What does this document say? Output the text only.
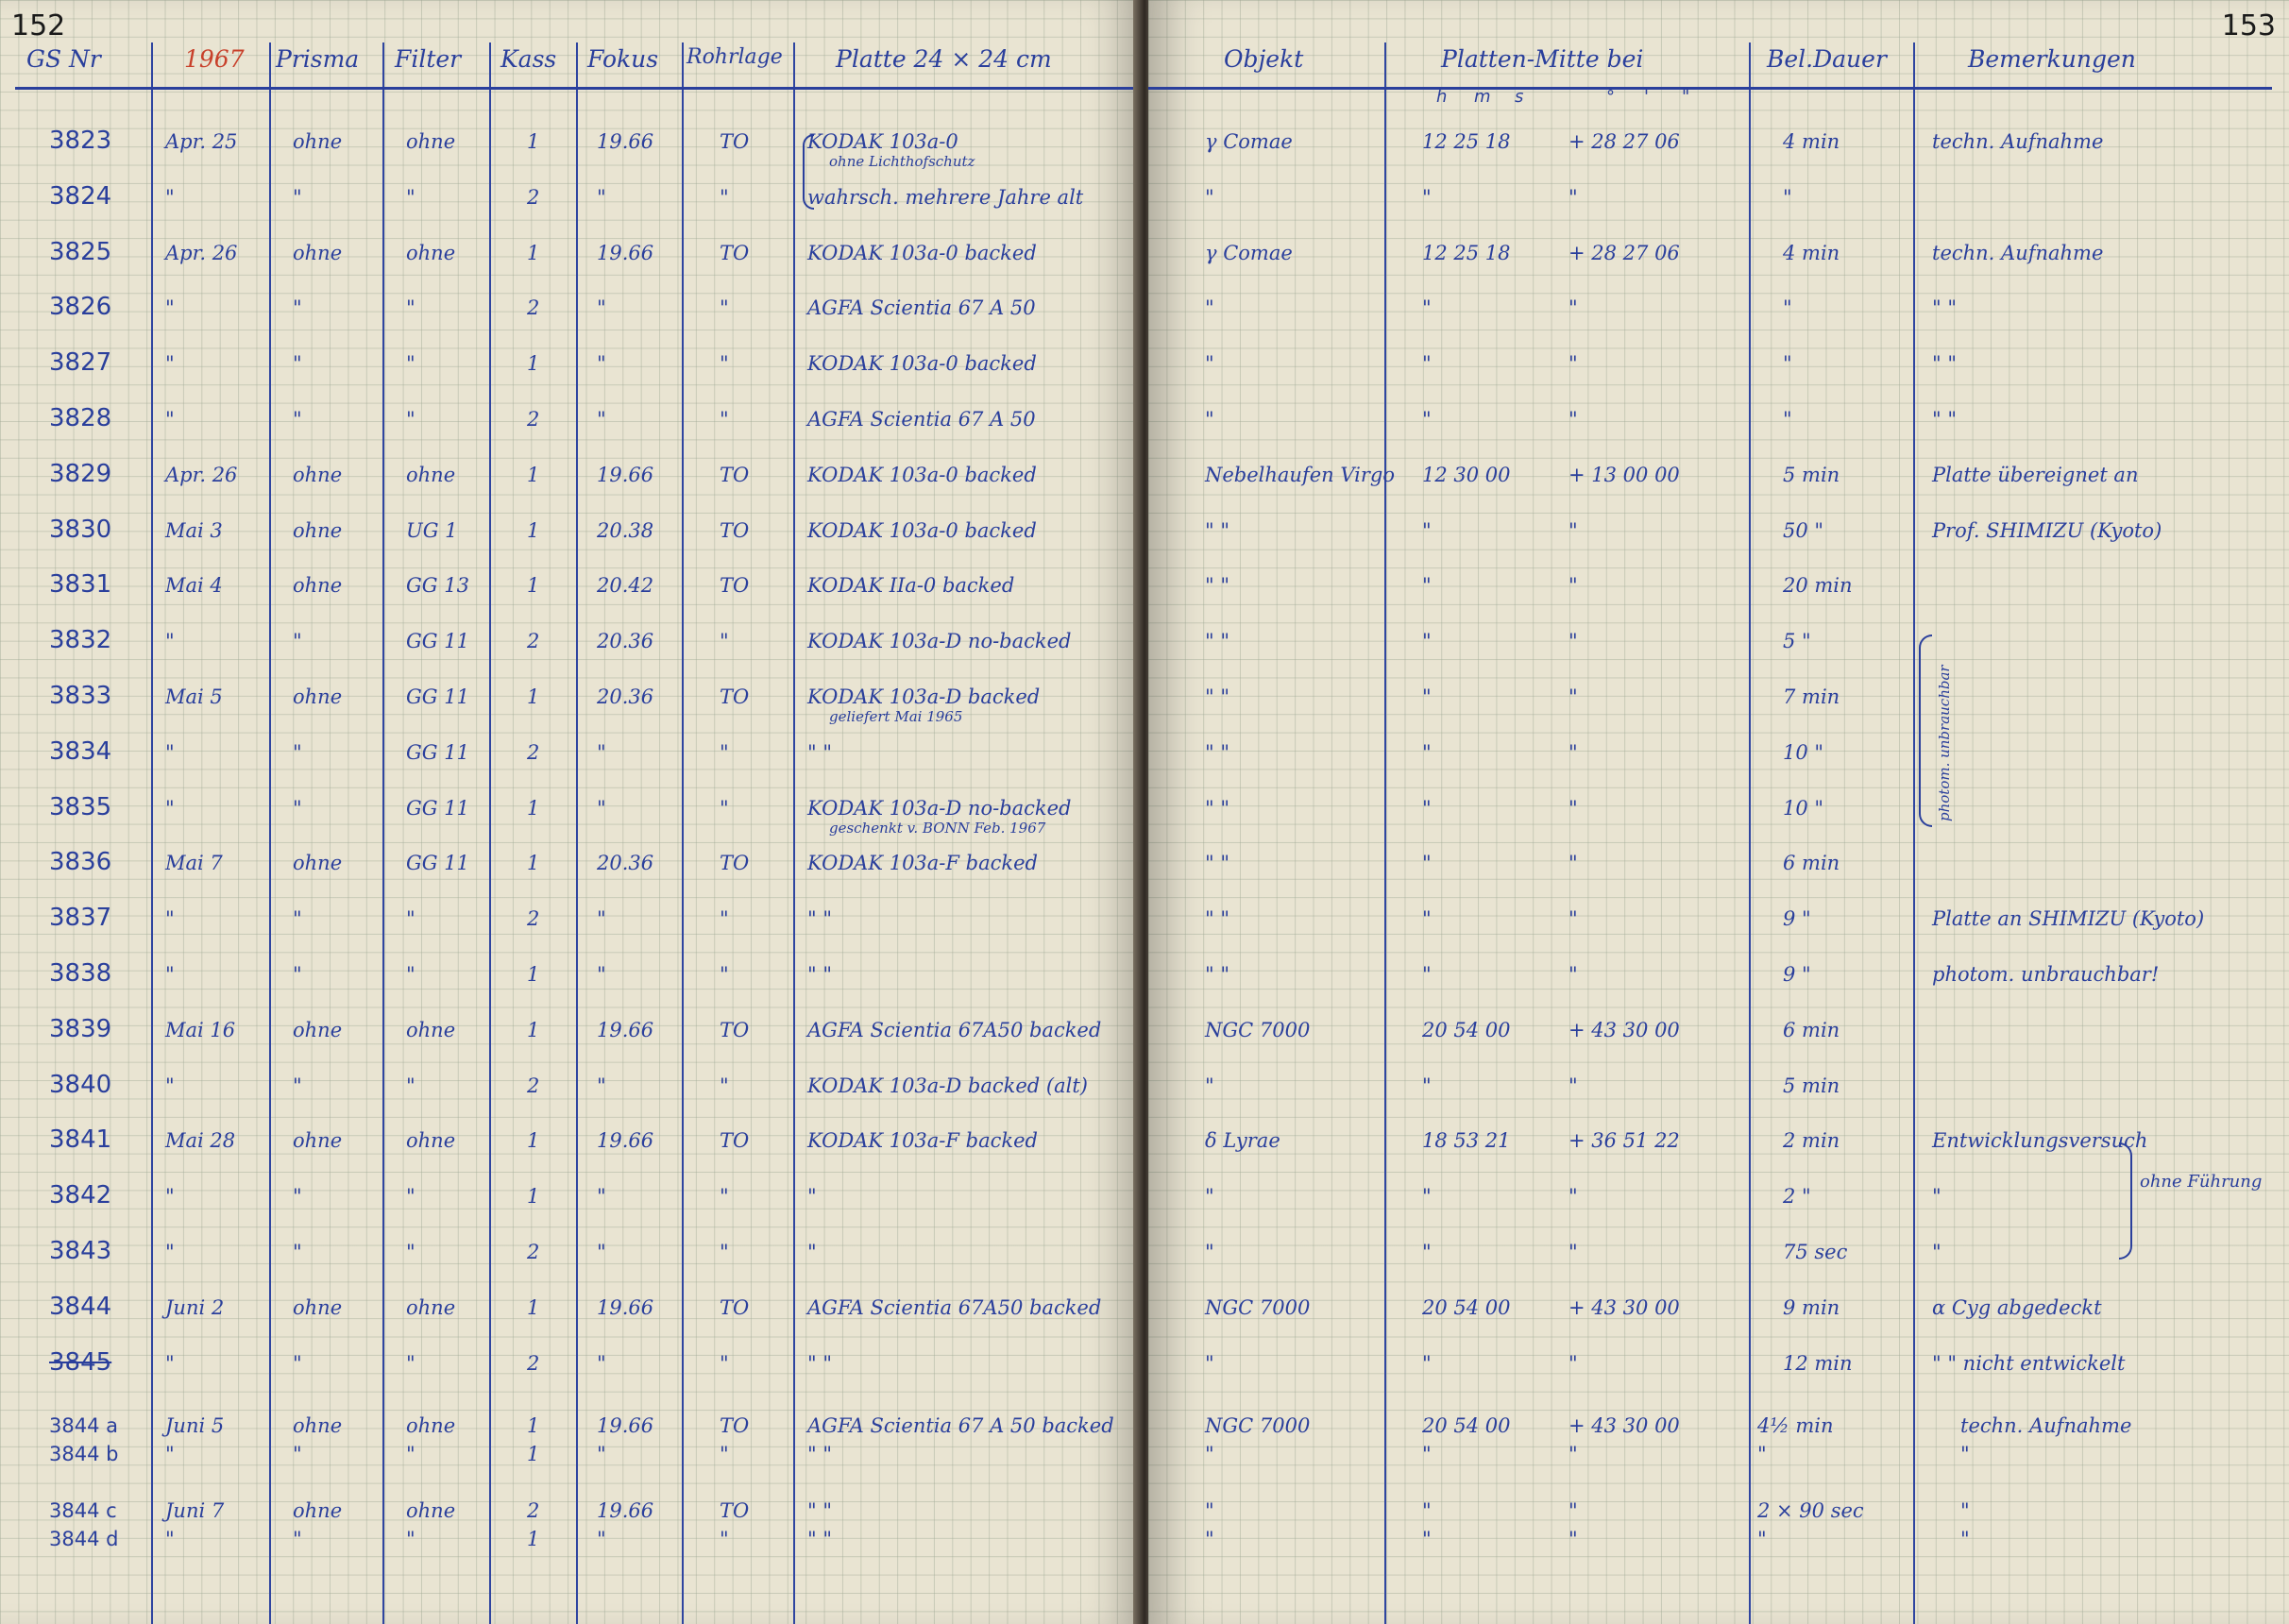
152
GS Nr	1967 Prisma Filter Kass Fokus Rohrlage Platte 24 × 24 cm
3823	Apr. 25	ohne	ohne	1	19.66	TO	KODAK 103a-0
ohne Lichthofschutz
3824	"	"	"	2	"	"	wahrsch. mehrere Jahre alt
3825	Apr. 26	ohne	ohne	1	19.66	TO	KODAK 103a-0 backed
3826	"	"	"	2	"	"	AGFA Scientia 67 A 50
3827	"	"	"	1	"	"	KODAK 103a-0 backed
3828	"	"	"	2	"	"	AGFA Scientia 67 A 50
3829	Apr. 26	ohne	ohne	1	19.66	TO	KODAK 103a-0 backed
3830	Mai 3	ohne	UG 1	1	20.38	TO	KODAK 103a-0 backed
3831	Mai 4	ohne	GG 13	1	20.42	TO	KODAK IIa-0 backed
3832	"	"	GG 11	2	20.36	"	KODAK 103a-D no-backed
3833	Mai 5	ohne	GG 11	1	20.36	TO	KODAK 103a-D backed
geliefert Mai 1965
3834	"	"	GG 11	2	"	"	" "
3835	"	"	GG 11	1	"	"	KODAK 103a-D no-backed
geschenkt v. BONN Feb. 1967
3836	Mai 7	ohne	GG 11	1	20.36	TO	KODAK 103a-F backed
3837	"	"	"	2	"	"	" "
3838	"	"	"	1	"	"	" "
3839	Mai 16	ohne	ohne	1	19.66	TO	AGFA Scientia 67A50 backed
3840	"	"	"	2	"	"	KODAK 103a-D backed (alt)
3841	Mai 28	ohne	ohne	1	19.66	TO	KODAK 103a-F backed
3842	"	"	"	1	"	"	"
3843	"	"	"	2	"	"	"
3844	Juni 2	ohne	ohne	1	19.66	TO	AGFA Scientia 67A50 backed
3845	"	"	"	2	"	"	" "
3844 a Juni 5	ohne	ohne	1	19.66	TO	AGFA Scientia 67 A 50 backed
3844 b "	"	"	1	"	"	" "
3844 c Juni 7	ohne	ohne	2	19.66	TO	" "
3844 d "	"	"	1	"	"	" "
153
Objekt	Platten-Mitte bei	Bel.Dauer	Bemerkungen
h m s	° ' "
γ Comae	12 25 18	+ 28 27 06	4 min	techn. Aufnahme
"	"	"	"
γ Comae	12 25 18	+ 28 27 06	4 min	techn. Aufnahme
"	"	"	"	" "
"	"	"	"	" "
"	"	"	"	" "
Nebelhaufen Virgo 12 30 00	+ 13 00 00	5 min	Platte übereignet an
" "	"	"	50 "	Prof. SHIMIZU (Kyoto)
" "	"	"	20 min
" "	"	"	5 "
" "	"	"	7 min
" "	"	"	10 "
" "	"	"	10 "
" "	"	"	6 min
" "	"	"	9 "	Platte an SHIMIZU (Kyoto)
" "	"	"	9 "	photom. unbrauchbar!
NGC 7000	20 54 00	+ 43 30 00	6 min
"	"	"	5 min
δ Lyrae	18 53 21	+ 36 51 22	2 min	Entwicklungsversuch
"	"	"	2 "	"
"	"	"	75 sec	"
NGC 7000	20 54 00	+ 43 30 00	9 min	α Cyg abgedeckt
"	"	"	12 min	" " nicht entwickelt
NGC 7000	20 54 00	+ 43 30 00	4½ min	techn. Aufnahme
"	"	"	"	"
"	"	"	2 × 90 sec	"
"	"	"	"	"
photom. unbrauchbar
ohne Führung
